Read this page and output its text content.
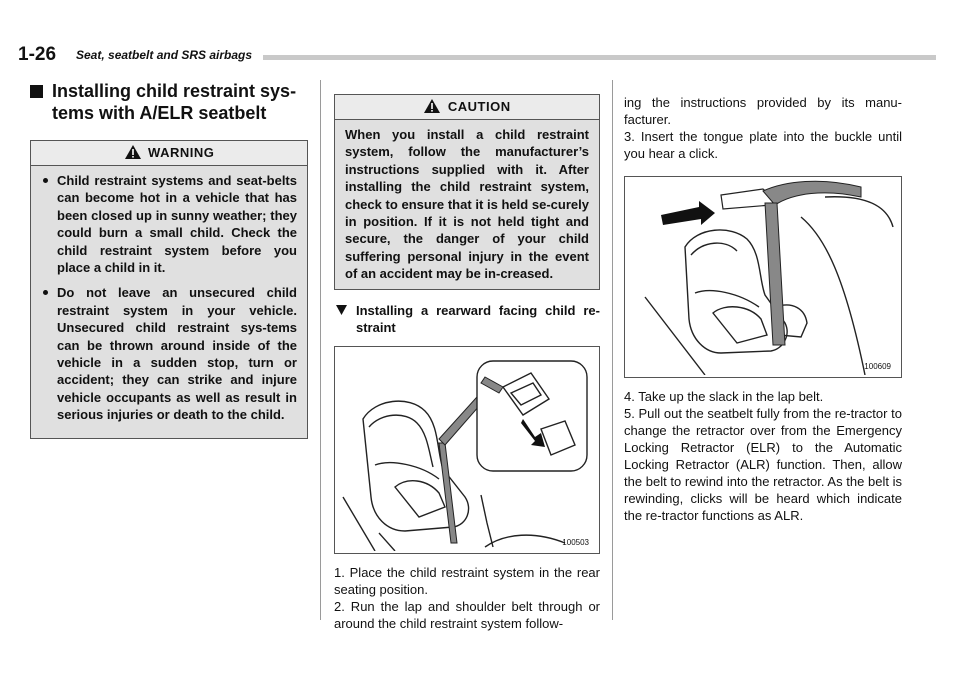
1-26 Seat, seatbelt and SRS airbags
Installing child restraint sys-
tems with A/ELR seatbelt
WARNING
Child restraint systems and seat-belts can become hot in a vehicle that has been closed up in sunny weather; they could burn a small child. Check the child restraint system before you place a child in it.
Do not leave an unsecured child restraint system in your vehicle. Unsecured child restraint sys-tems can be thrown around inside of the vehicle in a sudden stop, turn or accident; they can strike and injure vehicle occupants as well as result in serious injuries or death to the child.
CAUTION
When you install a child restraint system, follow the manufacturer’s instructions supplied with it. After installing the child restraint system, check to ensure that it is held se-curely in position. If it is not held tight and secure, the danger of your child suffering personal injury in the event of an accident may be in-creased.
Installing a rearward facing child re-straint
100503

1. Place the child restraint system in the rear seating position.

2. Run the lap and shoulder belt through or around the child restraint system follow-

ing the instructions provided by its manu-facturer.

3. Insert the tongue plate into the buckle until you hear a click.

100609

4. Take up the slack in the lap belt.

5. Pull out the seatbelt fully from the re-tractor to change the retractor over from the Emergency Locking Retractor (ELR) to the Automatic Locking Retractor (ALR) function. Then, allow the belt to rewind into the retractor. As the belt is rewinding, clicks will be heard which indicate the re-tractor functions as ALR.
